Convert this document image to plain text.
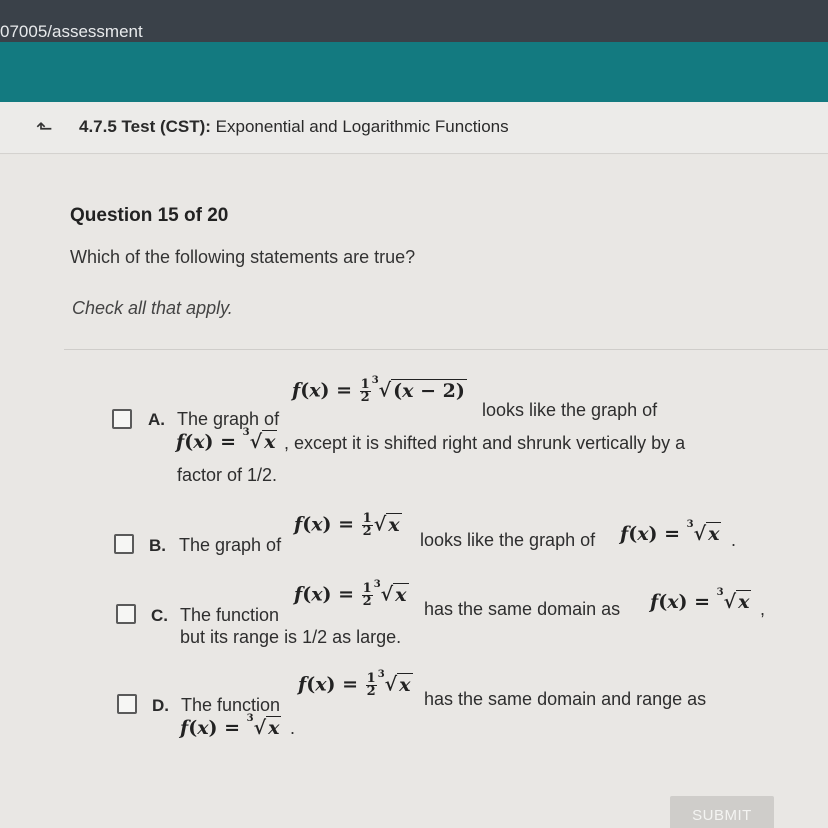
07005/assessment
⬑	4.7.5 Test (CST): Exponential and Logarithmic Functions
Question 15 of 20
Which of the following statements are true?
Check all that apply.
A. The graph of
$f(x) = \frac{1}{2} ^3√$ (x − 2)
looks like the graph of
f(x) = $^3$√ x , except it is shifted right and shrunk vertically by a
factor of 1/2.
B. The graph of
$f(x) = \frac{1}{2}$ √ x
looks like the graph of f(x) = $^3$√ x .
C. The function
$f(x) = \frac{1}{2} ^3√$ x
has the same domain as f(x) = $^3$√ x ,
but its range is 1/2 as large.
D. The function
$f(x) = \frac{1}{2} ^3√$ x
has the same domain and range as
f(x) = $^3$√ x .
SUBMIT
